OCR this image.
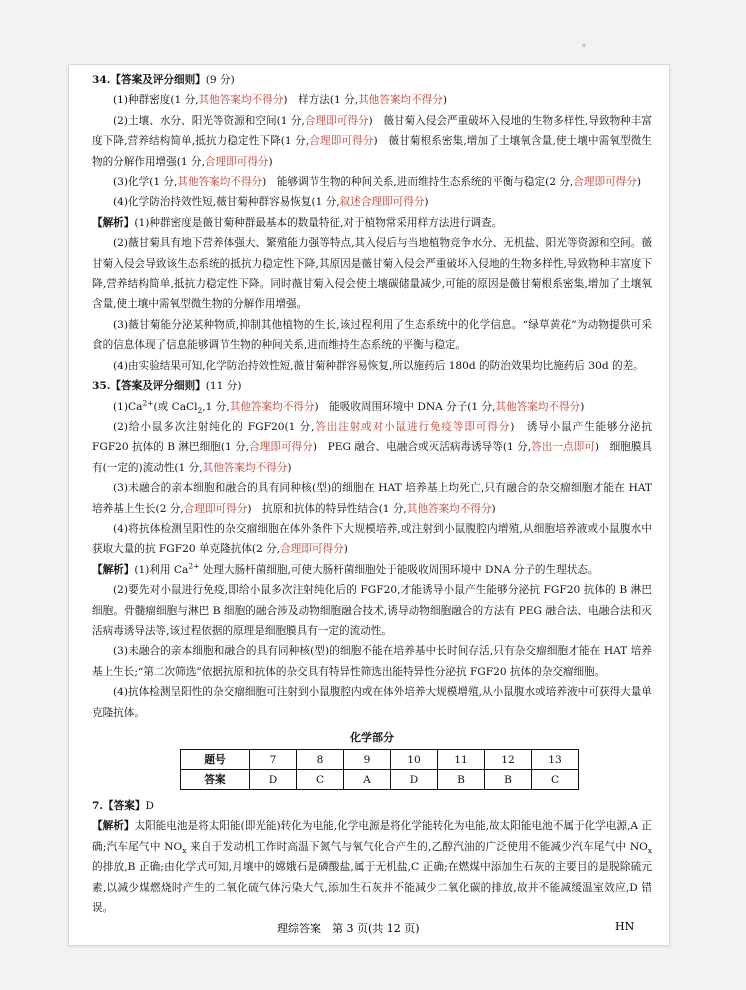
。

34.【答案及评分细则】(9 分)

(1)种群密度(1 分,其他答案均不得分)　样方法(1 分,其他答案均不得分)

(2)土壤、水分、阳光等资源和空间(1 分,合理即可得分)　薇甘菊入侵会严重破坏入侵地的生物多样性,导致物种丰富度下降,营养结构简单,抵抗力稳定性下降(1 分,合理即可得分)　薇甘菊根系密集,增加了土壤氧含量,使土壤中需氧型微生物的分解作用增强(1 分,合理即可得分)

(3)化学(1 分,其他答案均不得分)　能够调节生物的种间关系,进而维持生态系统的平衡与稳定(2 分,合理即可得分)

(4)化学防治持效性短,薇甘菊种群容易恢复(1 分,叙述合理即可得分)

【解析】(1)种群密度是薇甘菊种群最基本的数量特征,对于植物常采用样方法进行调查。

(2)薇甘菊具有地下营养体强大、繁殖能力强等特点,其入侵后与当地植物竞争水分、无机盐、阳光等资源和空间。薇甘菊入侵会导致该生态系统的抵抗力稳定性下降,其原因是薇甘菊入侵会严重破坏入侵地的生物多样性,导致物种丰富度下降,营养结构简单,抵抗力稳定性下降。同时薇甘菊入侵会使土壤碳储量减少,可能的原因是薇甘菊根系密集,增加了土壤氧含量,使土壤中需氧型微生物的分解作用增强。

(3)薇甘菊能分泌某种物质,抑制其他植物的生长,该过程利用了生态系统中的化学信息。“绿草黄花”为动物提供可采食的信息体现了信息能够调节生物的种间关系,进而维持生态系统的平衡与稳定。

(4)由实验结果可知,化学防治持效性短,薇甘菊种群容易恢复,所以施药后 180d 的防治效果均比施药后 30d 的差。

35.【答案及评分细则】(11 分)

$(1)Ca^{2+}$(或 CaCl$_2$,1 分,其他答案均不得分)　能吸收周围环境中 DNA 分子(1 分,其他答案均不得分)

(2)给小鼠多次注射纯化的 FGF20(1 分,答出注射或对小鼠进行免疫等即可得分)　诱导小鼠产生能够分泌抗 FGF20 抗体的 B 淋巴细胞(1 分,合理即可得分)　PEG 融合、电融合或灭活病毒诱导等(1 分,答出一点即可)　细胞膜具有(一定的)流动性(1 分,其他答案均不得分)

(3)未融合的亲本细胞和融合的具有同种核(型)的细胞在 HAT 培养基上均死亡,只有融合的杂交瘤细胞才能在 HAT 培养基上生长(2 分,合理即可得分)　抗原和抗体的特异性结合(1 分,其他答案均不得分)

(4)将抗体检测呈阳性的杂交瘤细胞在体外条件下大规模培养,或注射到小鼠腹腔内增殖,从细胞培养液或小鼠腹水中获取大量的抗 FGF20 单克隆抗体(2 分,合理即可得分)

【解析】(1)利用 $Ca^{2+}$ 处理大肠杆菌细胞,可使大肠杆菌细胞处于能吸收周围环境中 DNA 分子的生理状态。

(2)要先对小鼠进行免疫,即给小鼠多次注射纯化后的 FGF20,才能诱导小鼠产生能够分泌抗 FGF20 抗体的 B 淋巴细胞。骨髓瘤细胞与淋巴 B 细胞的融合涉及动物细胞融合技术,诱导动物细胞融合的方法有 PEG 融合法、电融合法和灭活病毒诱导法等,该过程依据的原理是细胞膜具有一定的流动性。

(3)未融合的亲本细胞和融合的具有同种核(型)的细胞不能在培养基中长时间存活,只有杂交瘤细胞才能在 HAT 培养基上生长;“第二次筛选”依据抗原和抗体的杂交具有特异性筛选出能特异性分泌抗 FGF20 抗体的杂交瘤细胞。

(4)抗体检测呈阳性的杂交瘤细胞可注射到小鼠腹腔内或在体外培养大规模增殖,从小鼠腹水或培养液中可获得大量单克隆抗体。

化学部分
题号	7	8	9	10	11	12	13
答案	D	C	A	D	B	B	C

7.【答案】D

【解析】太阳能电池是将太阳能(即光能)转化为电能,化学电源是将化学能转化为电能,故太阳能电池不属于化学电源,A 正确;汽车尾气中 $NO_x$ 来自于发动机工作时高温下氮气与氧气化合产生的,乙醇汽油的广泛使用不能减少汽车尾气中 $NO_x$ 的排放,B 正确;由化学式可知,月壤中的嫦娥石是磷酸盐,属于无机盐,C 正确;在燃煤中添加生石灰的主要目的是脱除硫元素,以减少煤燃烧时产生的二氧化硫气体污染大气,添加生石灰并不能减少二氧化碳的排放,故并不能减缓温室效应,D 错误。

理综答案　第 3 页(共 12 页)	HN
